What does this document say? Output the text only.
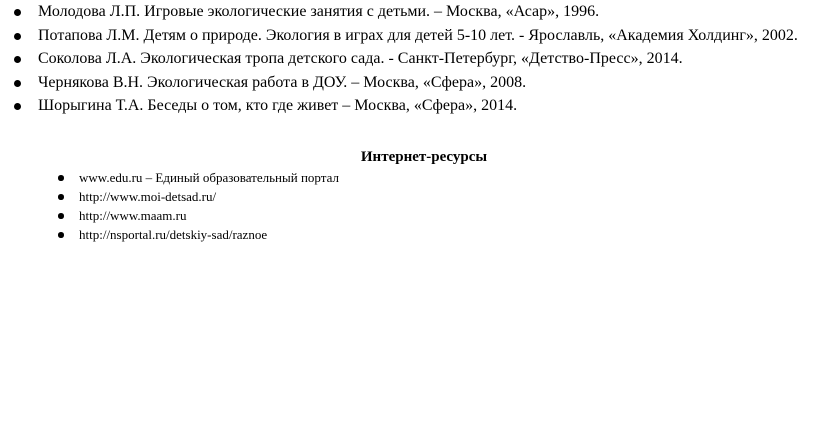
Молодова Л.П. Игровые экологические занятия с детьми. – Москва, «Асар», 1996.
Потапова Л.М. Детям о природе. Экология в играх для детей 5-10 лет. - Ярославль, «Академия Холдинг», 2002.
Соколова Л.А. Экологическая тропа детского сада. - Санкт-Петербург, «Детство-Пресс», 2014.
Чернякова В.Н. Экологическая работа в ДОУ. – Москва, «Сфера», 2008.
Шорыгина Т.А. Беседы о том, кто где живет – Москва, «Сфера», 2014.
Интернет-ресурсы
www.edu.ru – Единый образовательный портал
http://www.moi-detsad.ru/
http://www.maam.ru
http://nsportal.ru/detskiy-sad/raznoe
